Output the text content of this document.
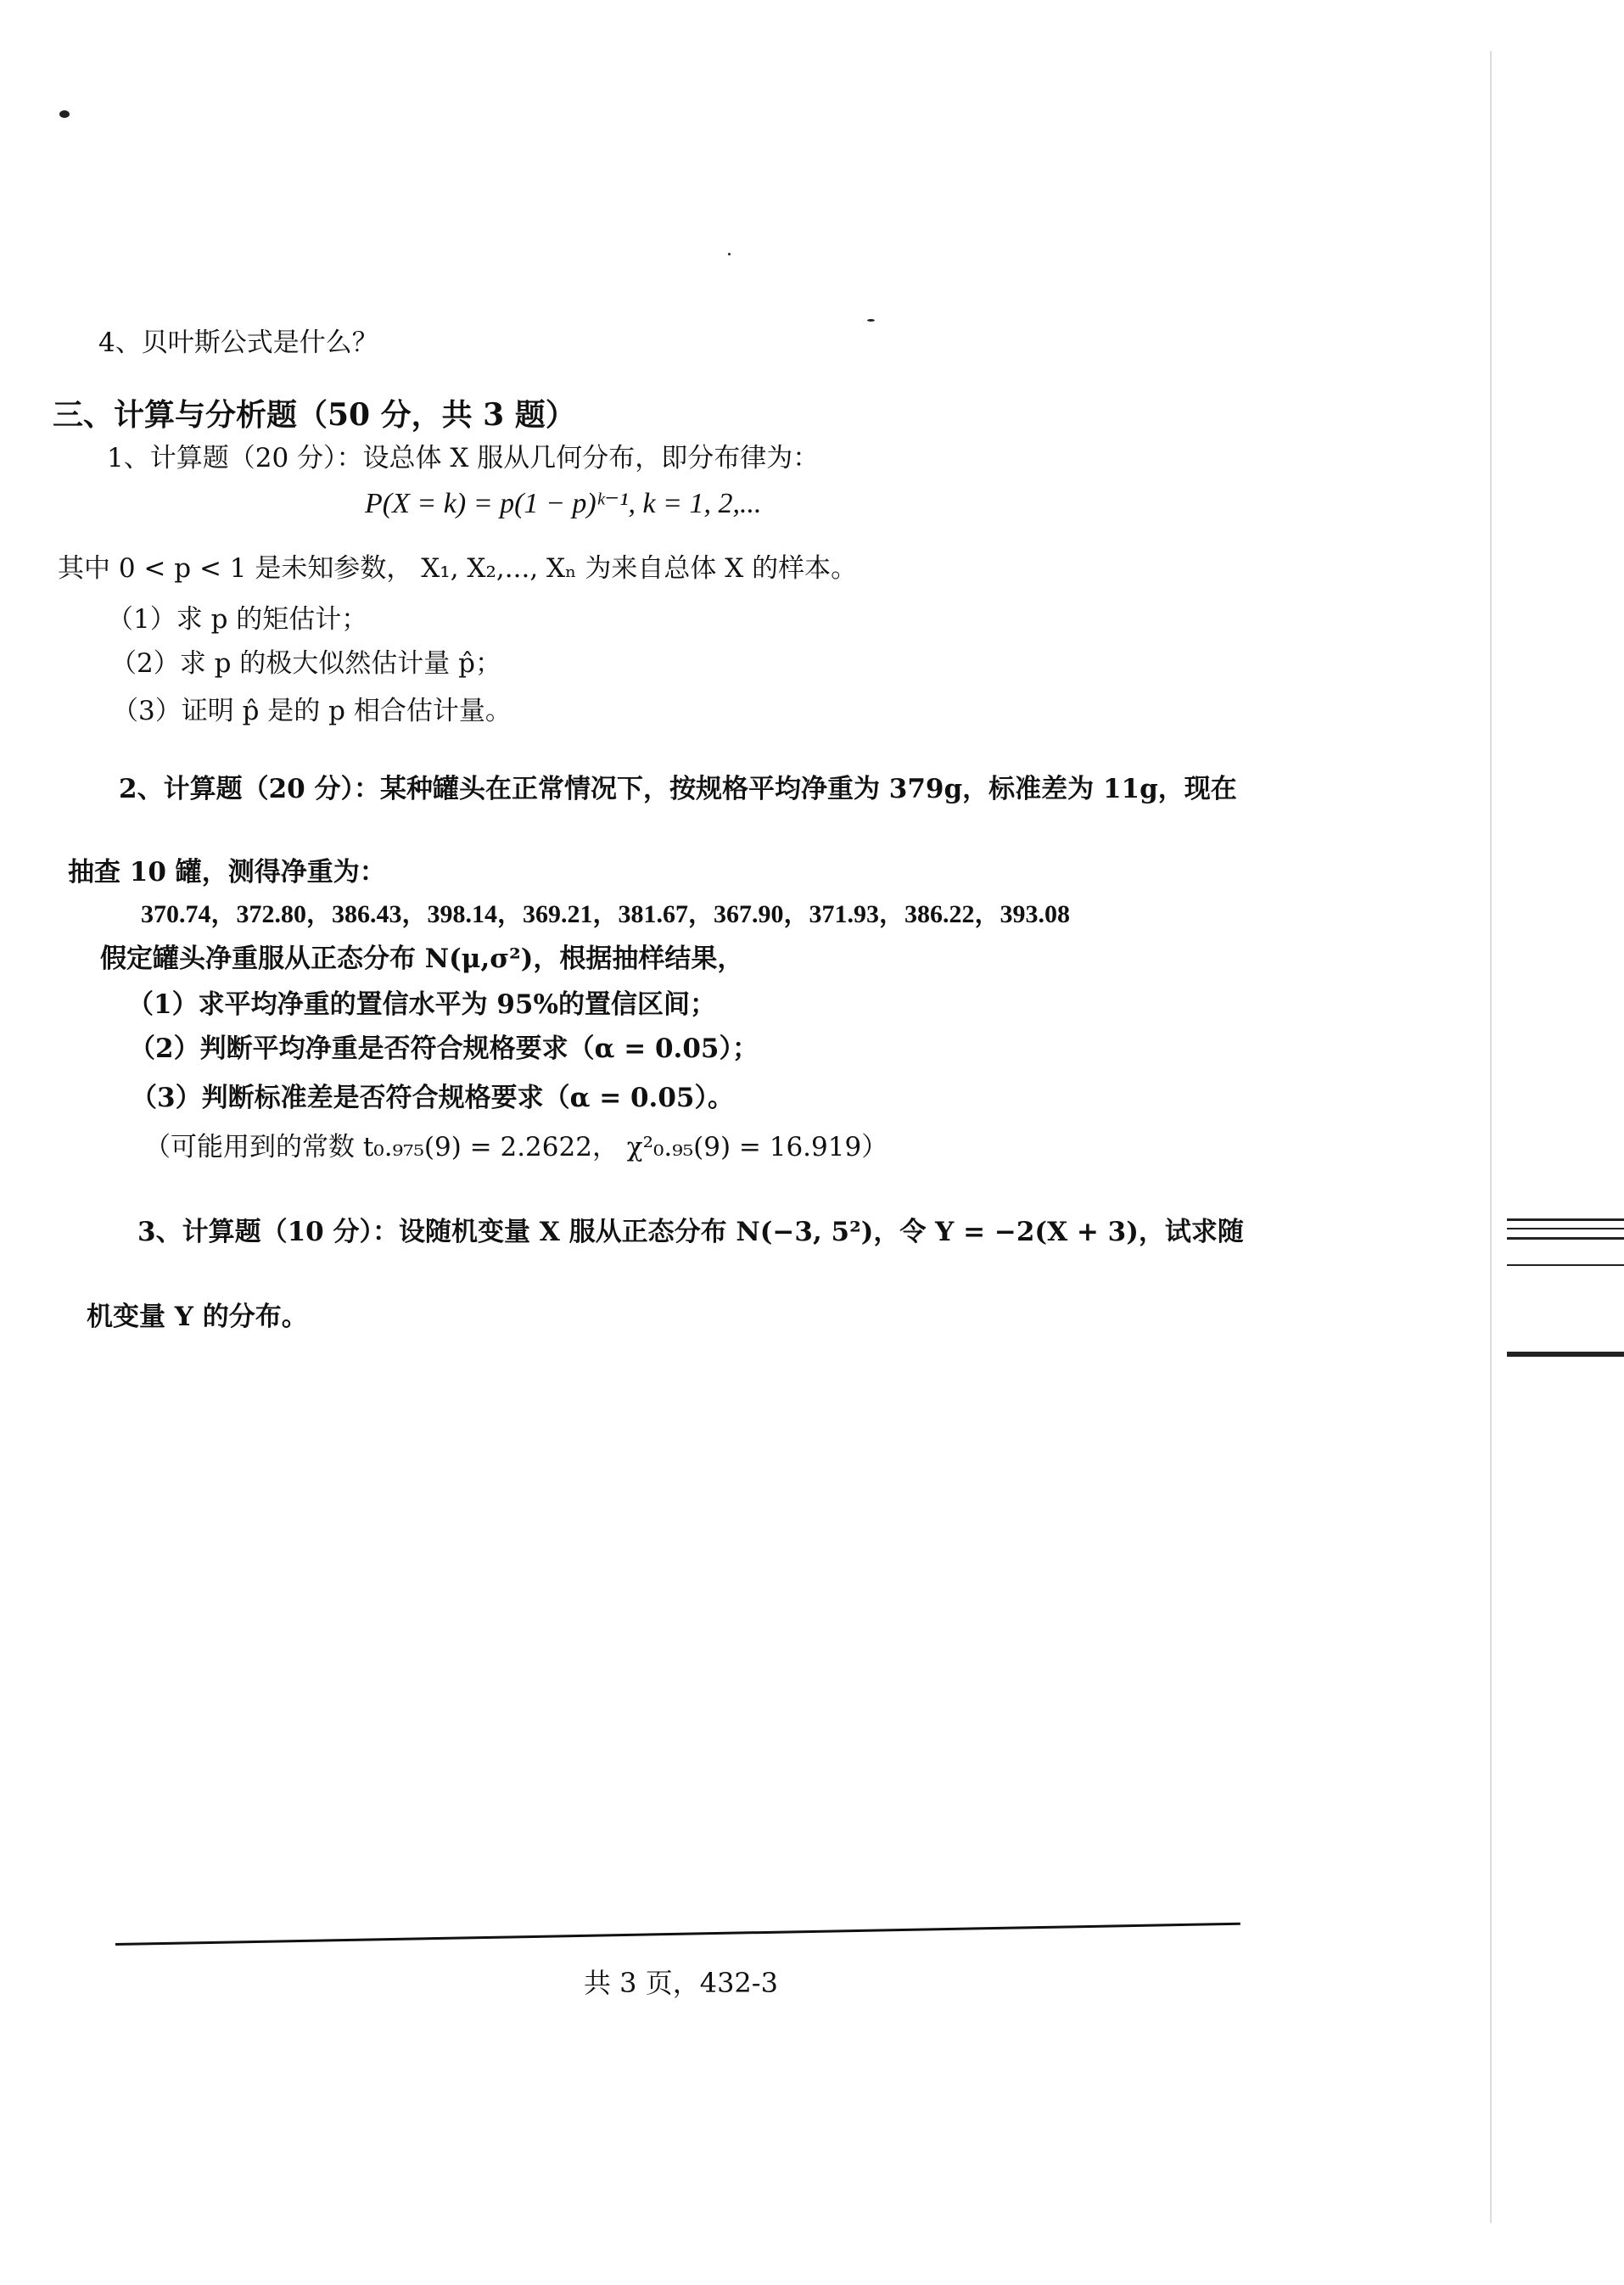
4、贝叶斯公式是什么？
三、计算与分析题（50 分，共 3 题）
1、计算题（20 分）：设总体 X 服从几何分布，即分布律为：
P(X = k) = p(1 − p)ᵏ⁻¹, k = 1, 2,...
其中 0 < p < 1 是未知参数， X₁, X₂,..., Xₙ 为来自总体 X 的样本。
（1）求 p 的矩估计；
（2）求 p 的极大似然估计量 p̂；
（3）证明 p̂ 是的 p 相合估计量。
2、计算题（20 分）：某种罐头在正常情况下，按规格平均净重为 379g，标准差为 11g，现在
抽查 10 罐，测得净重为：
370.74，372.80，386.43，398.14，369.21，381.67，367.90，371.93，386.22，393.08
假定罐头净重服从正态分布 N(μ,σ²)，根据抽样结果，
（1）求平均净重的置信水平为 95%的置信区间；
（2）判断平均净重是否符合规格要求（α = 0.05）；
（3）判断标准差是否符合规格要求（α = 0.05）。
（可能用到的常数 t₀.₉₇₅(9) = 2.2622， χ²₀.₉₅(9) = 16.919）
3、计算题（10 分）：设随机变量 X 服从正态分布 N(−3, 5²)，令 Y = −2(X + 3)，试求随
机变量 Y 的分布。
共 3 页，432-3
